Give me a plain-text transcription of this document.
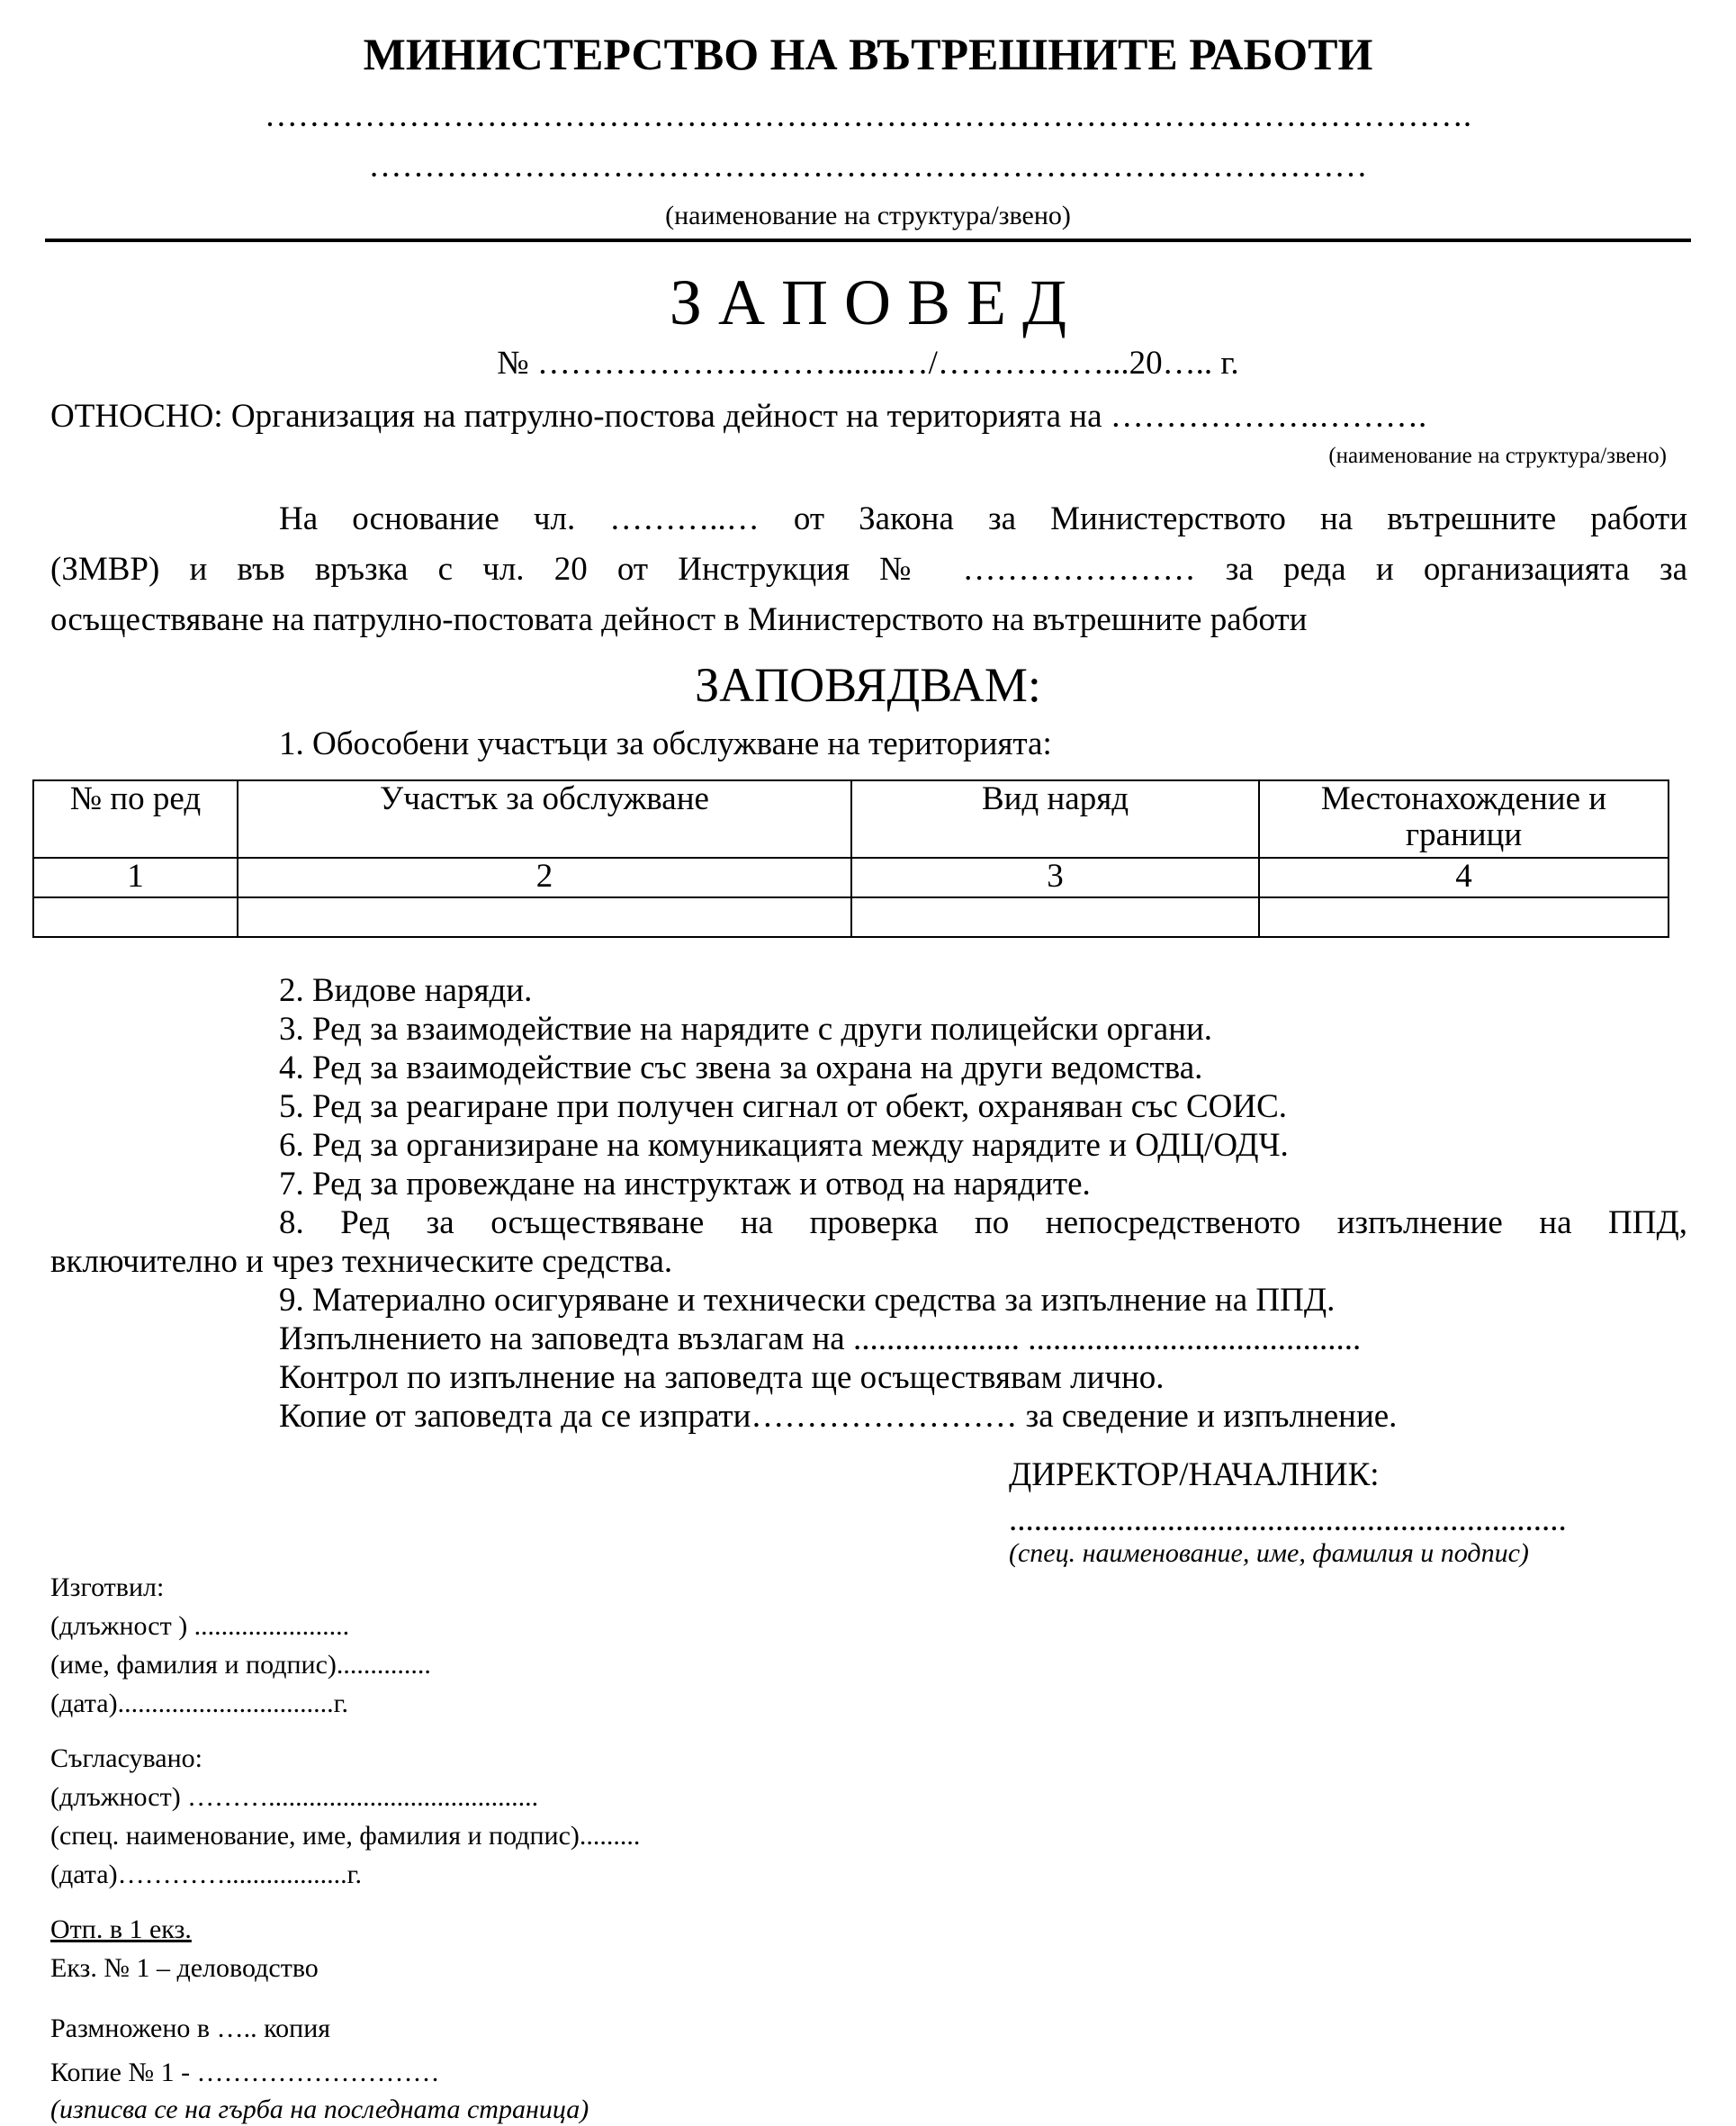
МИНИСТЕРСТВО НА ВЪТРЕШНИТЕ РАБОТИ
……………………………………………………………………………………………….
………………………………………………………………………………
(наименование на структура/звено)
З А П О В Е Д
№ ……………………….......…/……………...20….. г.
ОТНОСНО: Организация на патрулно-постова дейност на територията на ……………….……….
(наименование на структура/звено)
На основание чл. ………..… от Закона за Министерството на вътрешните работи
(ЗМВР) и във връзка с чл. 20 от Инструкция № ………………… за реда и организацията за
осъществяване на патрулно-постовата дейност в Министерството на вътрешните работи
ЗАПОВЯДВАМ:
1. Обособени участъци за обслужване на територията:
№ по ред	Участък за обслужване	Вид наряд	Местонахождение и граници
1	2	3	4

2. Видове наряди.
3. Ред за взаимодействие на нарядите с други полицейски органи.
4. Ред за взаимодействие със звена за охрана на други ведомства.
5. Ред за реагиране при получен сигнал от обект, охраняван със СОИС.
6. Ред за организиране на комуникацията между нарядите и ОДЦ/ОДЧ.
7. Ред за провеждане на инструктаж и отвод на нарядите.
8. Ред за осъществяване на проверка по непосредственото изпълнение на ППД,
включително и чрез техническите средства.
9. Материално осигуряване и технически средства за изпълнение на ППД.
Изпълнението на заповедта възлагам на .................... ........................................
Контрол по изпълнение на заповедта ще осъществявам лично.
Копие от заповедта да се изпрати…………………… за сведение и изпълнение.
ДИРЕКТОР/НАЧАЛНИК:
...................................................................
(спец. наименование, име, фамилия и подпис)
Изготвил:
(длъжност ) .......................
(име, фамилия и подпис)..............
(дата)................................г.
Съгласувано:
(длъжност) ………........................................
(спец. наименование, име, фамилия и подпис).........
(дата)…………..................г.
Отп. в 1 екз.
Екз. № 1 – деловодство
Размножено в ….. копия
Копие № 1 - ………………………
(изписва се на гърба на последната страница)
